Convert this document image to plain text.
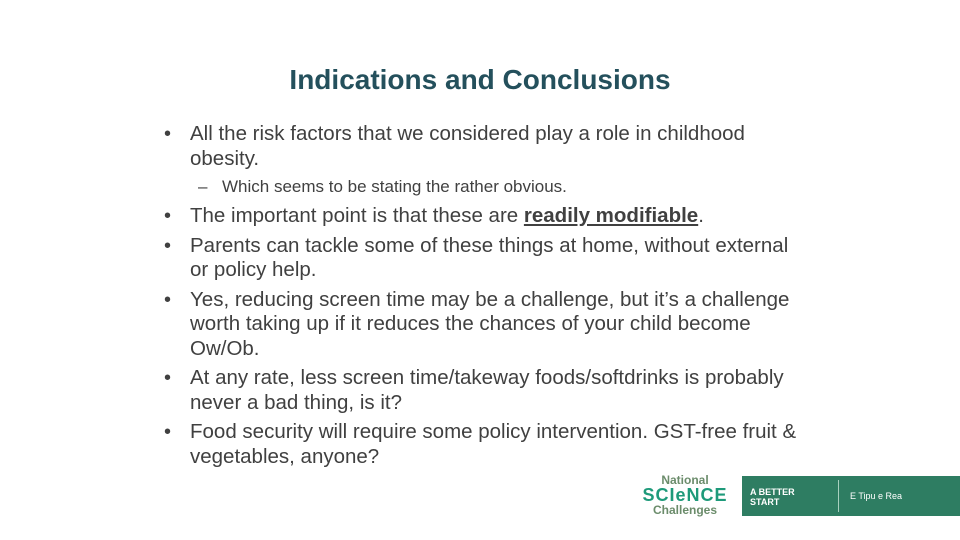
Indications and Conclusions
• All the risk factors that we considered play a role in childhood obesity.
– Which seems to be stating the rather obvious.
• The important point is that these are readily modifiable.
• Parents can tackle some of these things at home, without external or policy help.
• Yes, reducing screen time may be a challenge, but it’s a challenge worth taking up if it reduces the chances of your child become Ow/Ob.
• At any rate, less screen time/takeway foods/softdrinks is probably never a bad thing, is it?
• Food security will require some policy intervention. GST-free fruit & vegetables, anyone?
National
SCIeNCE
Challenges
A BETTER START
E Tipu e Rea
